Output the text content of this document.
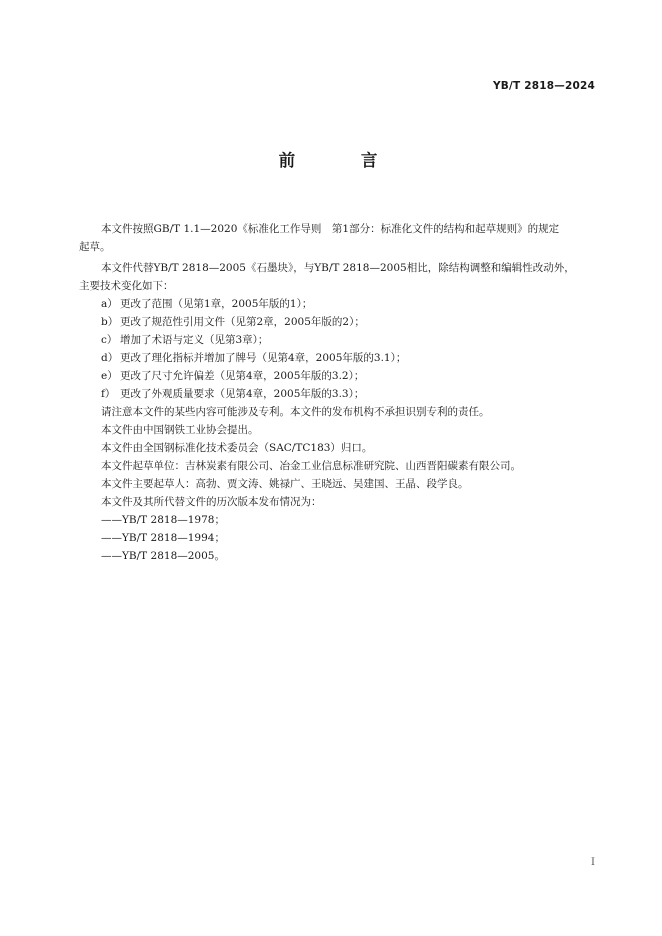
YB/T 2818—2024
前 言
本文件按照GB/T 1.1—2020《标准化工作导则　第1部分：标准化文件的结构和起草规则》的规定
起草。
本文件代替YB/T 2818—2005《石墨块》，与YB/T 2818—2005相比，除结构调整和编辑性改动外，
主要技术变化如下：
a） 更改了范围（见第1章，2005年版的1）；
b） 更改了规范性引用文件（见第2章，2005年版的2）；
c） 增加了术语与定义（见第3章）；
d） 更改了理化指标并增加了牌号（见第4章，2005年版的3.1）；
e） 更改了尺寸允许偏差（见第4章，2005年版的3.2）；
f） 更改了外观质量要求（见第4章，2005年版的3.3）；
请注意本文件的某些内容可能涉及专利。本文件的发布机构不承担识别专利的责任。
本文件由中国钢铁工业协会提出。
本文件由全国钢标准化技术委员会（SAC/TC183）归口。
本文件起草单位：吉林炭素有限公司、冶金工业信息标准研究院、山西晋阳碳素有限公司。
本文件主要起草人：高勃、贾文涛、姚禄广、王晓远、吴建国、王晶、段学良。
本文件及其所代替文件的历次版本发布情况为：
——YB/T 2818—1978；
——YB/T 2818—1994；
——YB/T 2818—2005。
I
